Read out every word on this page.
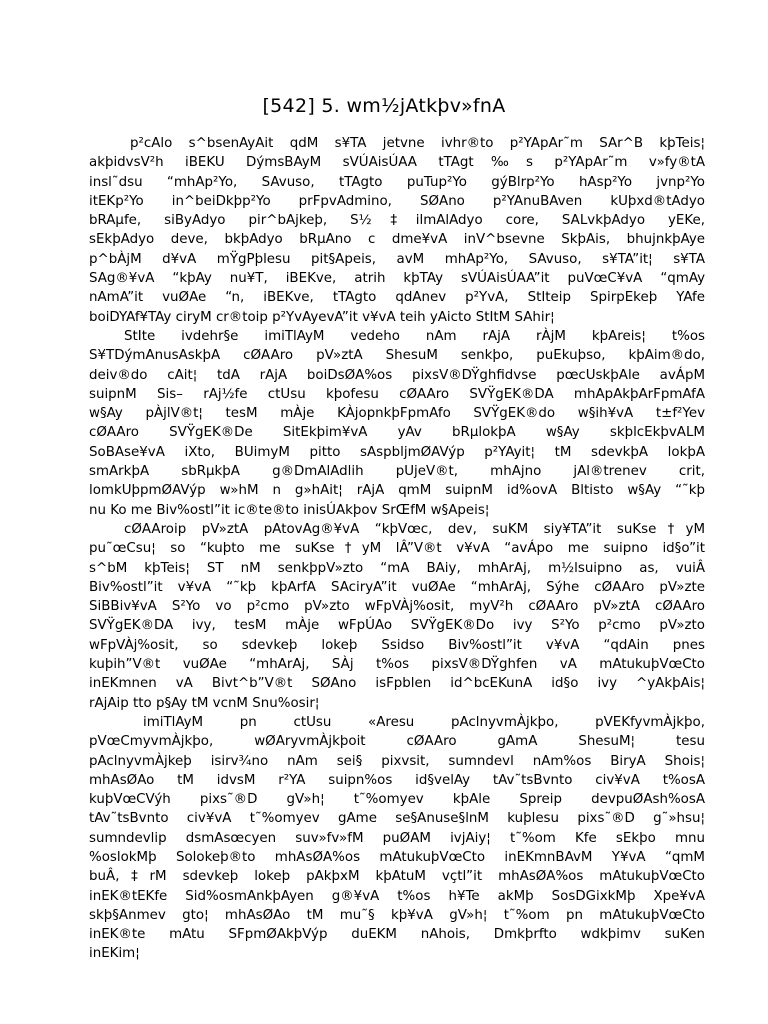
[542] 5. wm½jAtkþv»fnA
p²cAlo s^bsenAyAit qdM s¥TA jetvne ivhr®to p²YApAr˜m SAr^B kþTeis¦
akþidvsV²h iBEKU DýmsBAyM sVÚAisÚAA tTAgt‰s p²YApAr˜m v»fy®tA
insl˜dsu “mhAp²Yo, SAvuso, tTAgto puTup²Yo gýBlrp²Yo hAsp²Yo jvnp²Yo
itEKp²Yo in^beiDkþp²Yo prFpvAdmino, SØAno p²YAnuBAven kUþxd®tAdyo
bRAµfe, siByAdyo pir^bAjkeþ, S½‡ilmAlAdyo core, SALvkþAdyo yEKe,
sEkþAdyo deve, bkþAdyo bRµAno c dme¥vA inV^bsevne SkþAis, bhujnkþAye
p^bÀjM d¥vA mŸgPþlesu pit§Apeis, avM mhAp²Yo, SAvuso, s¥TA”it¦ s¥TA
SAg®¥vA “kþAy nu¥T, iBEKve, atrih kþTAy sVÚAisÚAA”it puVœC¥vA “qmAy
nAmA”it vuØAe “n, iBEKve, tTAgto qdAnev p²YvA, StIteip SpirpEkeþ YAfe
boiDYAf¥TAy ciryM cr®toip p²YvAyevA”it v¥vA teih yAicto StItM SAhir¦
StIte ivdehr§e imiTlAyM vedeho nAm rAjA rÀjM kþAreis¦ t%os
S¥TDýmAnusAskþA cØAAro pV»ztA ShesuM senkþo, puEkuþso, kþAim®do,
deiv®do cAit¦ tdA rAjA boiDsØA%os pixsV®DŸghfidvse pœcUskþAle avÁpM
suipnM Sis– rAj½fe ctUsu kþofesu cØAAro SVŸgEK®DA mhApAkþArFpmAfA
w§Ay pÀjlV®t¦ tesM mÀje KÀjopnkþFpmAfo SVŸgEK®do w§ih¥vA t±f²Yev
cØAAro SVŸgEK®De SitEkþim¥vA yAv bRµlokþA w§Ay skþlcEkþvALM
SoBAse¥vA iXto, BUimyM pitto sAspbljmØAVýp p²YAyit¦ tM sdevkþA lokþA
smArkþA sbRµkþA g®DmAlAdlih pUjeV®t, mhAjno jAl®trenev crit,
lomkUþpmØAVýp w»hM n g»hAit¦ rAjA qmM suipnM id%ovA Bltisto w§Ay “˜kþ
nu Ko me Biv%ostl”it ic®te®to inisÚAkþov SrŒfM w§Apeis¦
cØAAroip pV»ztA pAtovAg®¥vA “kþVœc, dev, suKM siy¥TA”it suKse†yM
pu˜œCsu¦ so “kuþto me suKse†yM lÂ”V®t v¥vA “avÁpo me suipno id§o”it
s^bM kþTeis¦ ST nM senkþpV»zto “mA BAiy, mhArAj, m½lsuipno as, vuiÂ
Biv%ostl”it v¥vA “˜kþ kþArfA SAciryA”it vuØAe “mhArAj, Sýhe cØAAro pV»zte
SiBBiv¥vA S²Yo vo p²cmo pV»zto wFpVÀj%osit, myV²h cØAAro pV»ztA cØAAro
SVŸgEK®DA ivy, tesM mÀje wFpÚAo SVŸgEK®Do ivy S²Yo p²cmo pV»zto
wFpVÀj%osit, so sdevkeþ lokeþ Ssidso Biv%ostl”it v¥vA “qdAin pnes
kuþih”V®t vuØAe “mhArAj, SÀj t%os pixsV®DŸghfen vA mAtukuþVœCto
inEKmnen vA Bivt^b”V®t SØAno isFpblen id^bcEKunA id§o ivy ^yAkþAis¦
rAjAip tto p§Ay tM vcnM Snu%osir¦
imiTlAyM pn ctUsu «Aresu pAclnyvmÀjkþo, pVEKfyvmÀjkþo,
pVœCmyvmÀjkþo, wØAryvmÀjkþoit cØAAro gAmA ShesuM¦ tesu
pAclnyvmÀjkeþ isirv¾no nAm sei§ pixvsit, sumndevl nAm%os BiryA Shois¦
mhAsØAo tM idvsM r²YA suipn%os id§velAy tAv˜tsBvnto civ¥vA t%osA
kuþVœCVýh pixs˜®D gV»h¦ t˜%omyev kþAle Spreip devpuØAsh%osA
tAv˜tsBvnto civ¥vA t˜%omyev gAme se§Anuse§lnM kuþlesu pixs˜®D g˜»hsu¦
sumndevlip dsmAsœcyen suv»fv»fM puØAM ivjAiy¦ t˜%om Kfe sEkþo mnu
%oslokMþ Solokeþ®to mhAsØA%os mAtukuþVœCto inEKmnBAvM Y¥vA “qmM
buÂ‚‡rM sdevkeþ lokeþ pAkþxM kþAtuM vçtl”it mhAsØA%os mAtukuþVœCto
inEK®tEKfe Sid%osmAnkþAyen g®¥vA t%os h¥Te akMþ SosDGixkMþ Xpe¥vA
skþ§Anmev gto¦ mhAsØAo tM mu˜§ kþ¥vA gV»h¦ t˜%om pn mAtukuþVœCto
inEK®te mAtu SFpmØAkþVýp duEKM nAhois, Dmkþrfto wdkþimv suKen
inEKim¦
